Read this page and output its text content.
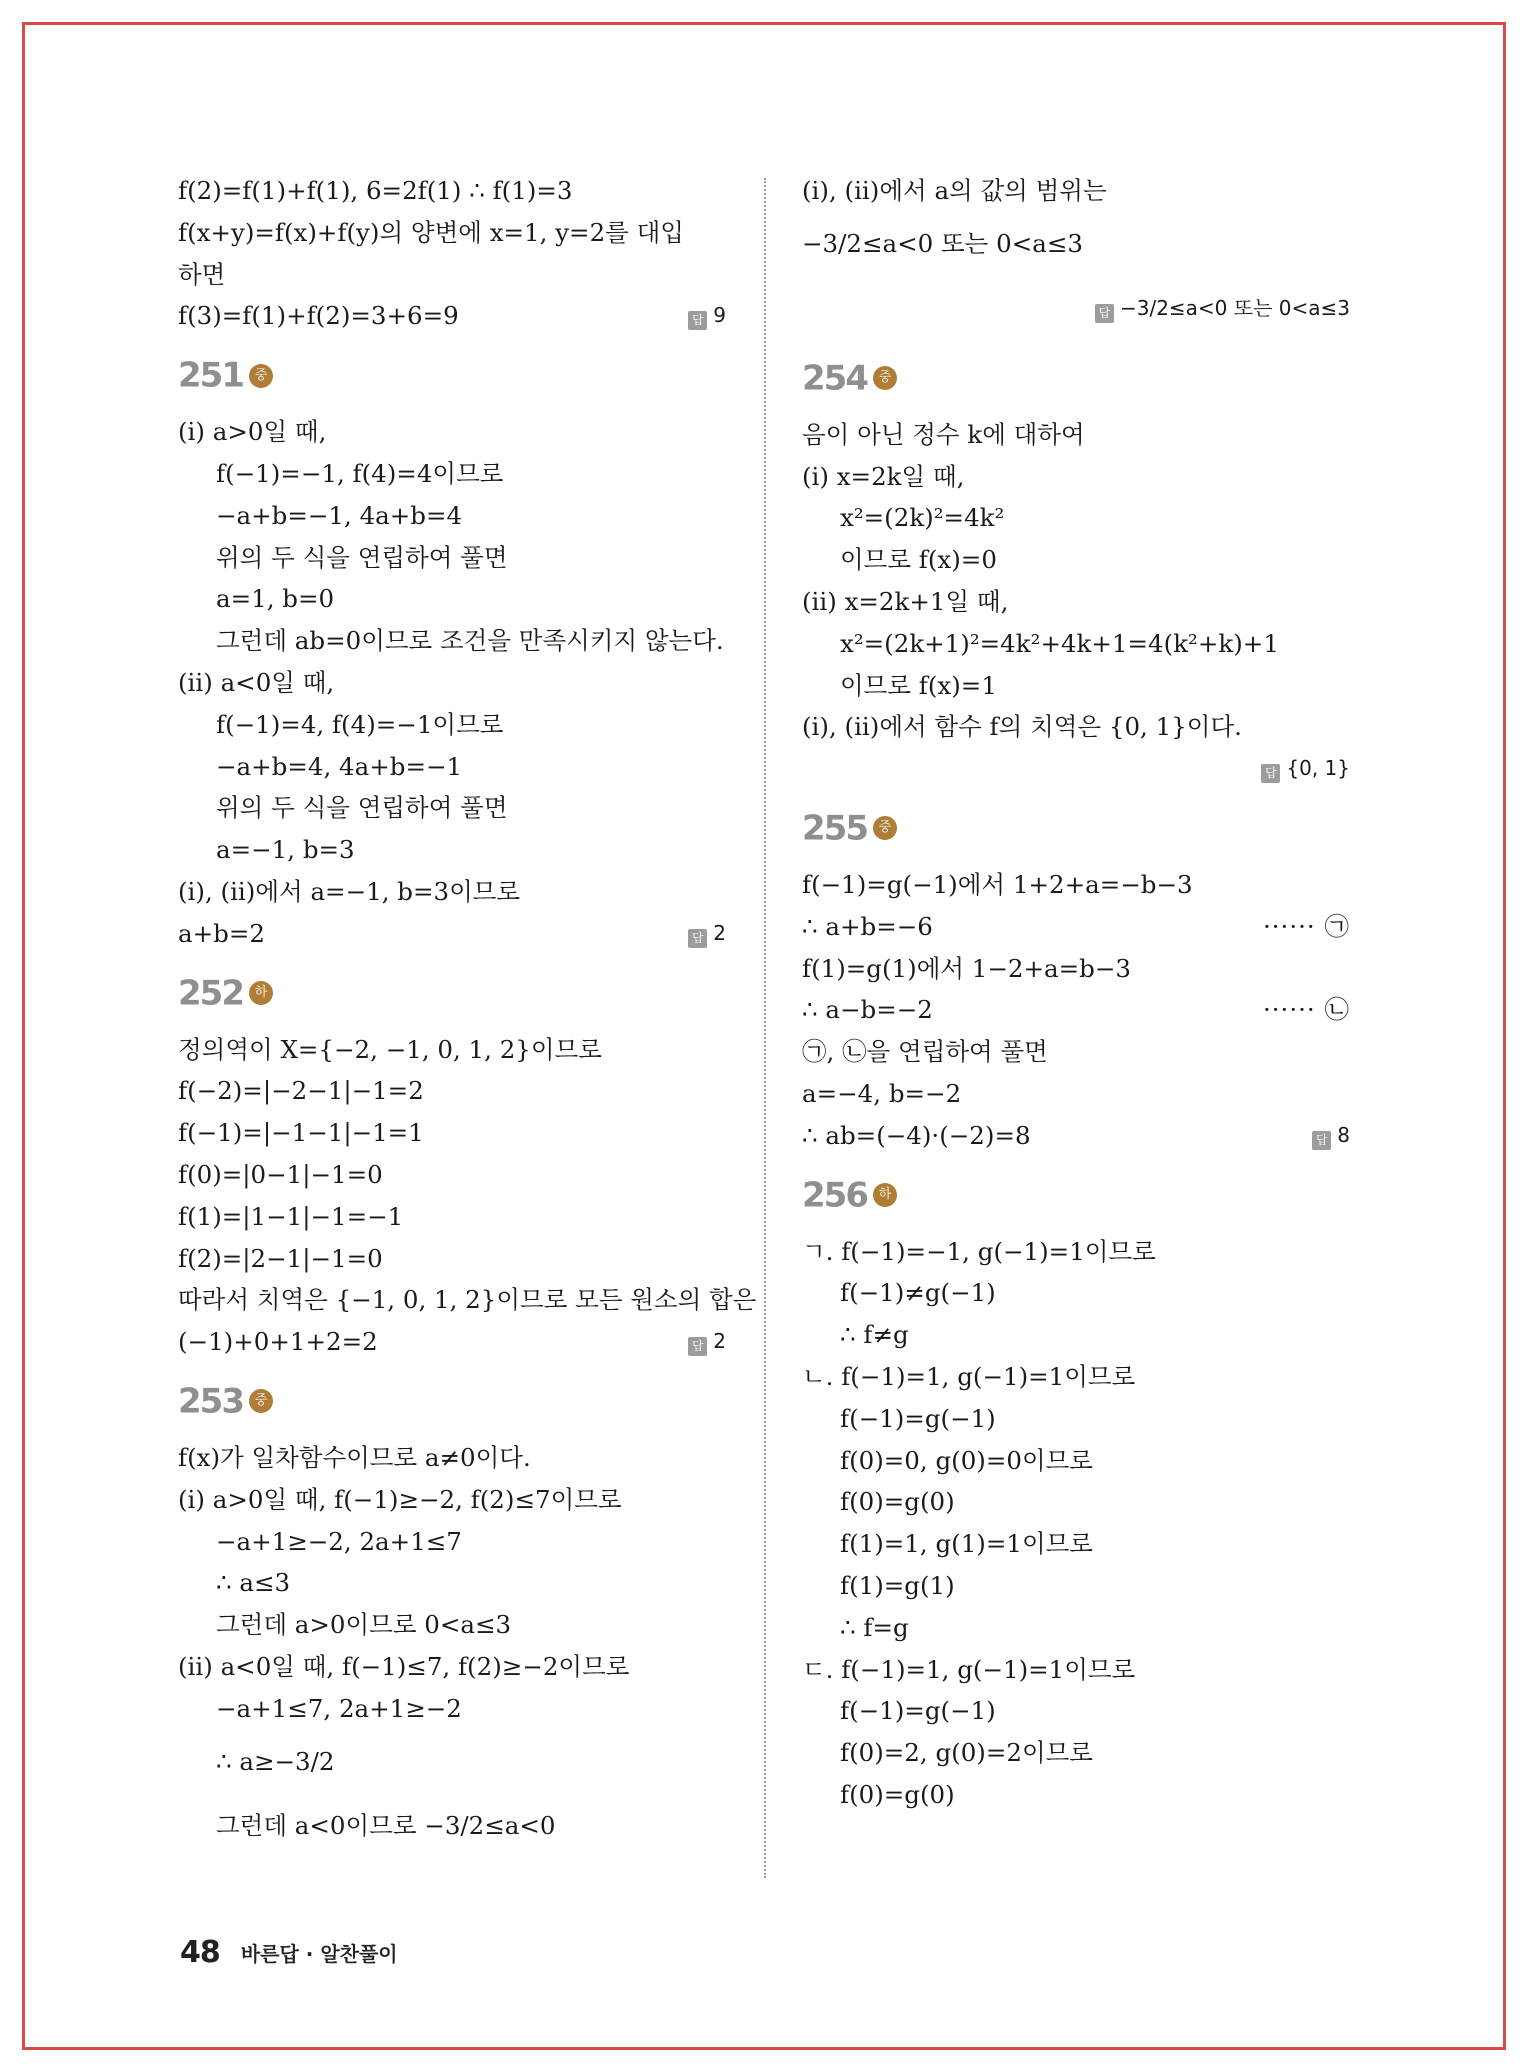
f(2)=f(1)+f(1), 6=2f(1) ∴ f(1)=3
f(x+y)=f(x)+f(y)의 양변에 x=1, y=2를 대입
하면
f(3)=f(1)+f(2)=3+6=9	답 9
251 중
(i) a>0일 때,
f(−1)=−1, f(4)=4이므로
−a+b=−1, 4a+b=4
위의 두 식을 연립하여 풀면
a=1, b=0
그런데 ab=0이므로 조건을 만족시키지 않는다.
(ii) a<0일 때,
f(−1)=4, f(4)=−1이므로
−a+b=4, 4a+b=−1
위의 두 식을 연립하여 풀면
a=−1, b=3
(i), (ii)에서 a=−1, b=3이므로
a+b=2	답 2
252 하
정의역이 X={−2, −1, 0, 1, 2}이므로
f(−2)=|−2−1|−1=2
f(−1)=|−1−1|−1=1
f(0)=|0−1|−1=0
f(1)=|1−1|−1=−1
f(2)=|2−1|−1=0
따라서 치역은 {−1, 0, 1, 2}이므로 모든 원소의 합은
(−1)+0+1+2=2	답 2
253 중
f(x)가 일차함수이므로 a≠0이다.
(i) a>0일 때, f(−1)≥−2, f(2)≤7이므로
−a+1≥−2, 2a+1≤7
∴ a≤3
그런데 a>0이므로 0<a≤3
(ii) a<0일 때, f(−1)≤7, f(2)≥−2이므로
−a+1≤7, 2a+1≥−2
∴ a≥−3/2
그런데 a<0이므로 −3/2≤a<0
(i), (ii)에서 a의 값의 범위는
−3/2≤a<0 또는 0<a≤3
답 −3/2≤a<0 또는 0<a≤3
254 중
음이 아닌 정수 k에 대하여
(i) x=2k일 때,
x²=(2k)²=4k²
이므로 f(x)=0
(ii) x=2k+1일 때,
x²=(2k+1)²=4k²+4k+1=4(k²+k)+1
이므로 f(x)=1
(i), (ii)에서 함수 f의 치역은 {0, 1}이다.
답 {0, 1}
255 중
f(−1)=g(−1)에서 1+2+a=−b−3
∴ a+b=−6	······ ㉠
f(1)=g(1)에서 1−2+a=b−3
∴ a−b=−2	······ ㉡
㉠, ㉡을 연립하여 풀면
a=−4, b=−2
∴ ab=(−4)·(−2)=8	답 8
256 하
ㄱ. f(−1)=−1, g(−1)=1이므로
f(−1)≠g(−1)
∴ f≠g
ㄴ. f(−1)=1, g(−1)=1이므로
f(−1)=g(−1)
f(0)=0, g(0)=0이므로
f(0)=g(0)
f(1)=1, g(1)=1이므로
f(1)=g(1)
∴ f=g
ㄷ. f(−1)=1, g(−1)=1이므로
f(−1)=g(−1)
f(0)=2, g(0)=2이므로
f(0)=g(0)
48 바른답 · 알찬풀이
